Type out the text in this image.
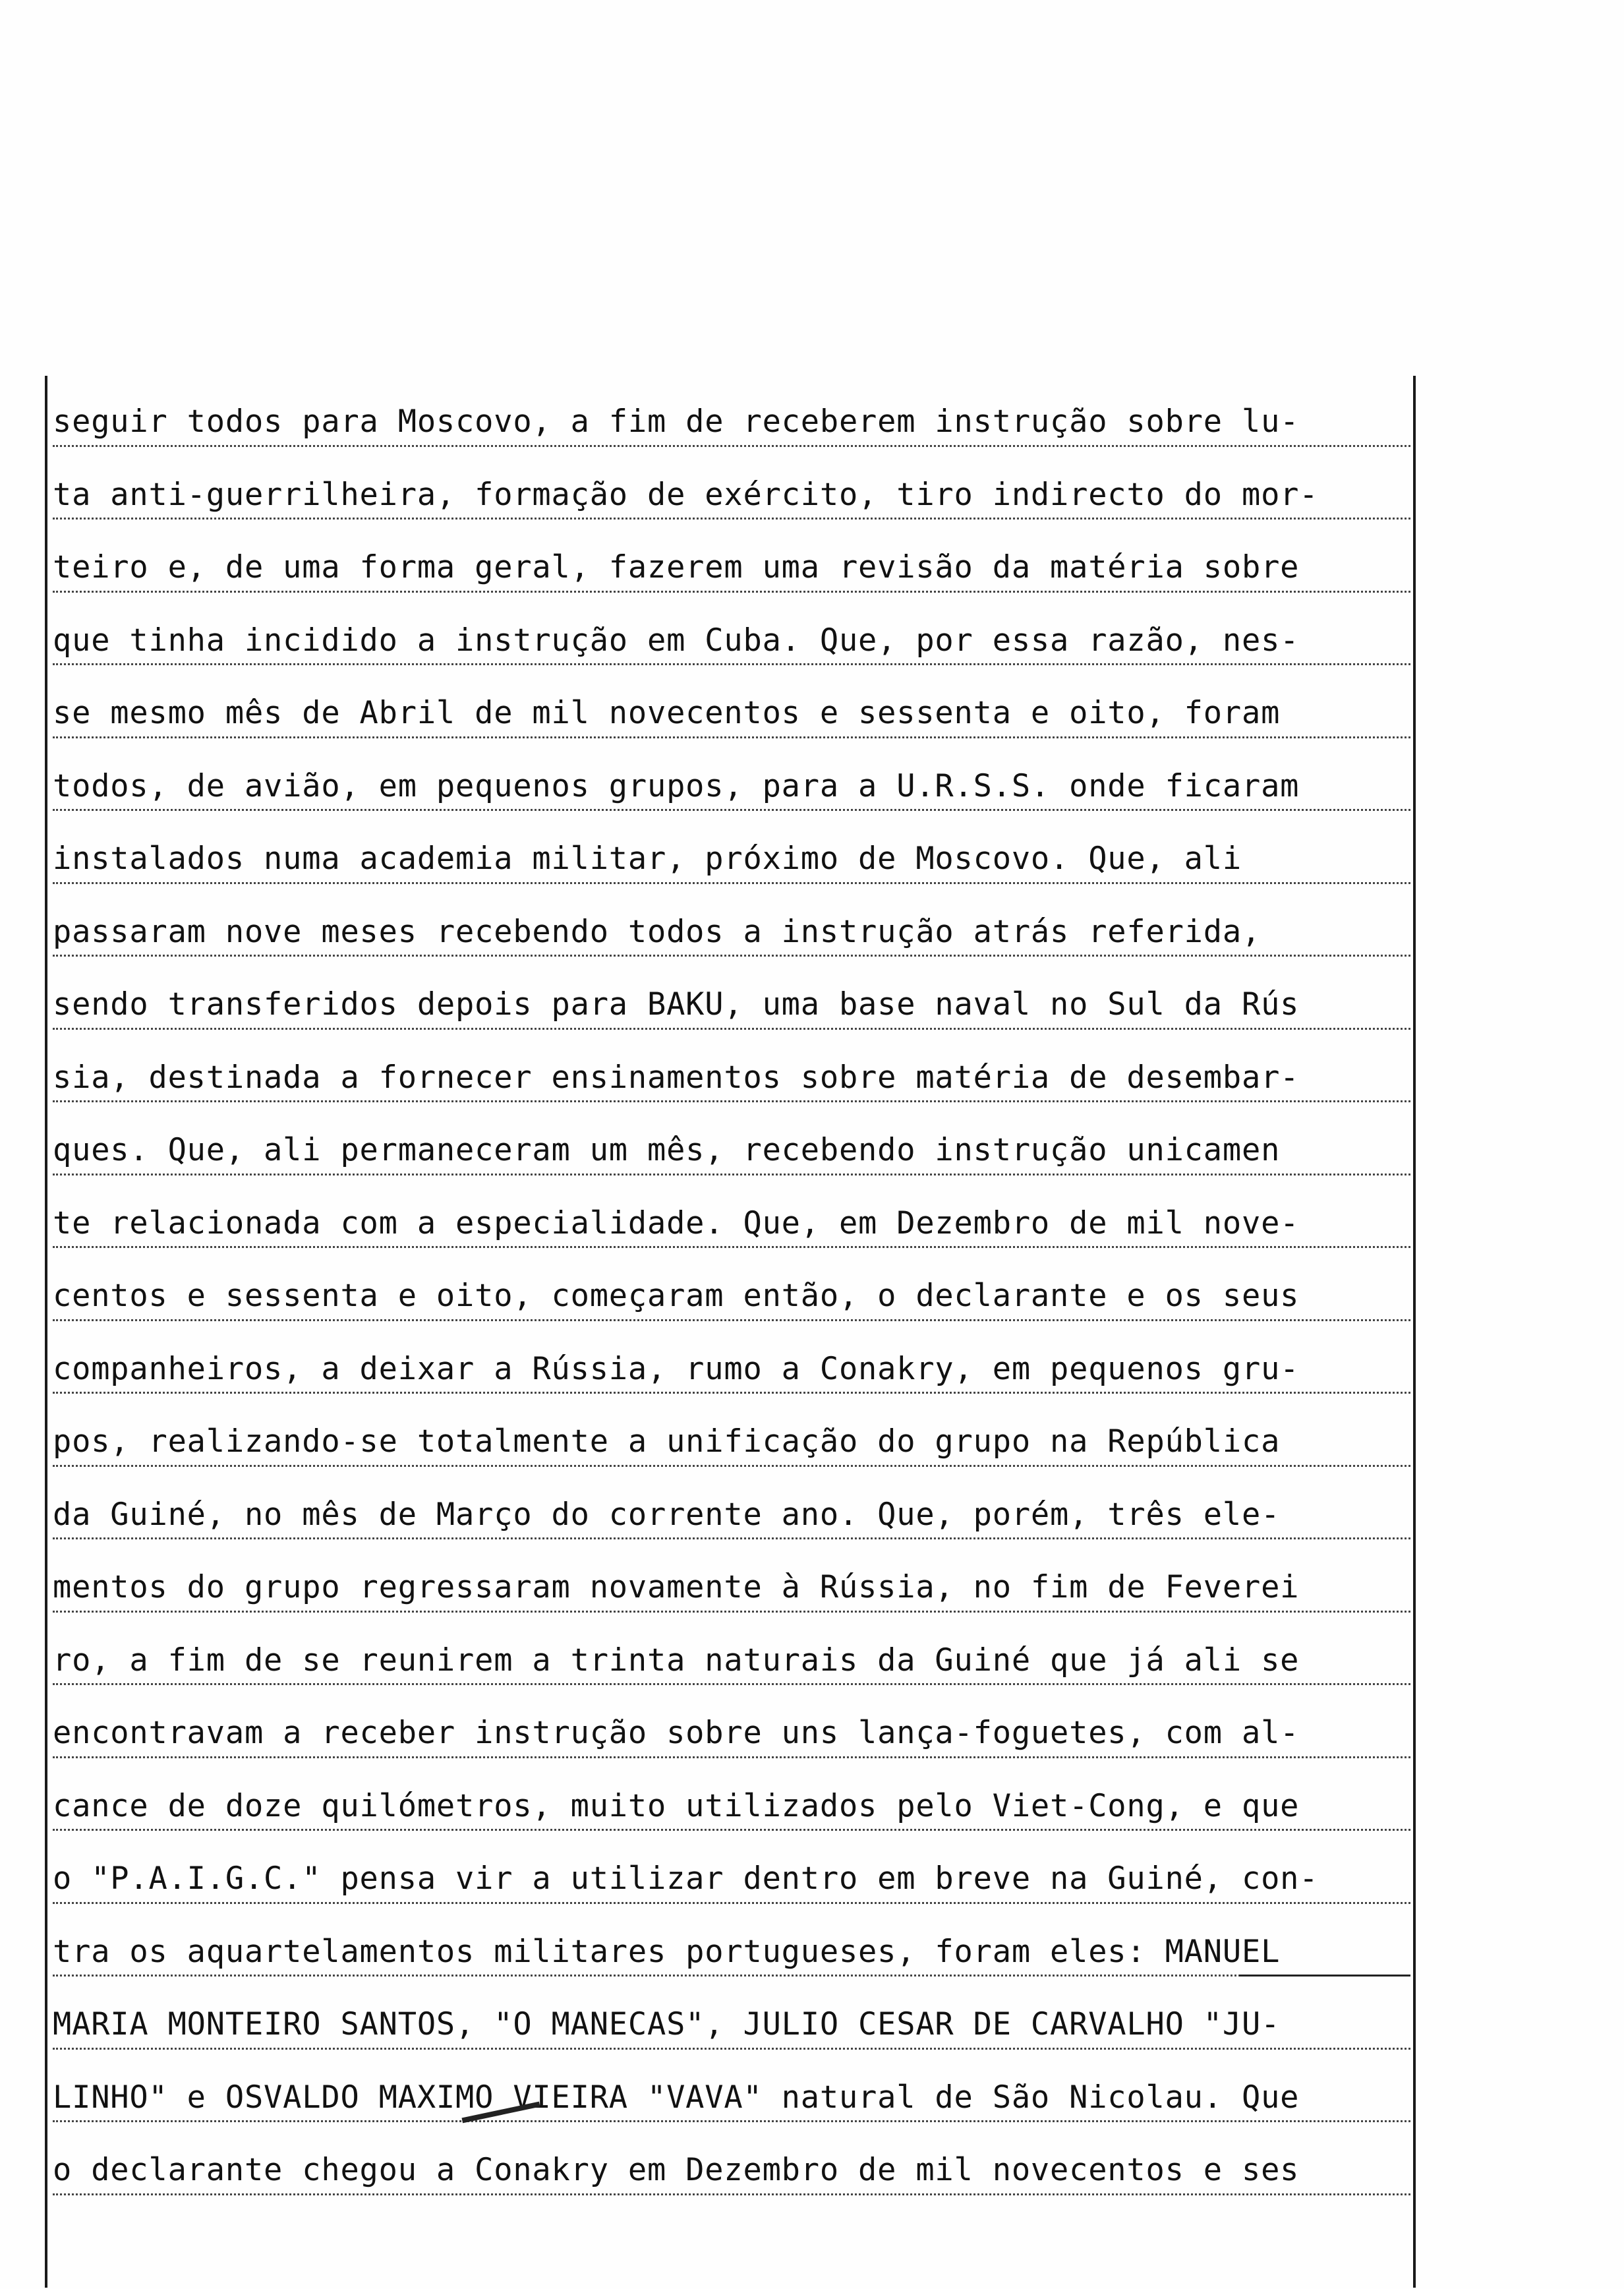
seguir todos para Moscovo, a fim de receberem instrução sobre lu-
ta anti-guerrilheira, formação de exército, tiro indirecto do mor-
teiro e, de uma forma geral, fazerem uma revisão da matéria sobre
que tinha incidido a instrução em Cuba. Que, por essa razão, nes-
se mesmo mês de Abril de mil novecentos e sessenta e oito, foram
todos, de avião, em pequenos grupos, para a U.R.S.S. onde ficaram
instalados numa academia militar, próximo de Moscovo. Que, ali
passaram nove meses recebendo todos a instrução atrás referida,
sendo transferidos depois para BAKU, uma base naval no Sul da Rús
sia, destinada a fornecer ensinamentos sobre matéria de desembar-
ques. Que, ali permaneceram um mês, recebendo instrução unicamen
te relacionada com a especialidade. Que, em Dezembro de mil nove-
centos e sessenta e oito, começaram então, o declarante e os seus
companheiros, a deixar a Rússia, rumo a Conakry, em pequenos gru-
pos, realizando-se totalmente a unificação do grupo na República
da Guiné, no mês de Março do corrente ano. Que, porém, três ele-
mentos do grupo regressaram novamente à Rússia, no fim de Feverei
ro, a fim de se reunirem a trinta naturais da Guiné que já ali se
encontravam a receber instrução sobre uns lança-foguetes, com al-
cance de doze quilómetros, muito utilizados pelo Viet-Cong, e que
o "P.A.I.G.C." pensa vir a utilizar dentro em breve na Guiné, con-
tra os aquartelamentos militares portugueses, foram eles: MANUEL
MARIA MONTEIRO SANTOS, "O MANECAS", JULIO CESAR DE CARVALHO "JU-
LINHO" e OSVALDO MAXIMO VIEIRA "VAVA" natural de São Nicolau. Que
o declarante chegou a Conakry em Dezembro de mil novecentos e ses
